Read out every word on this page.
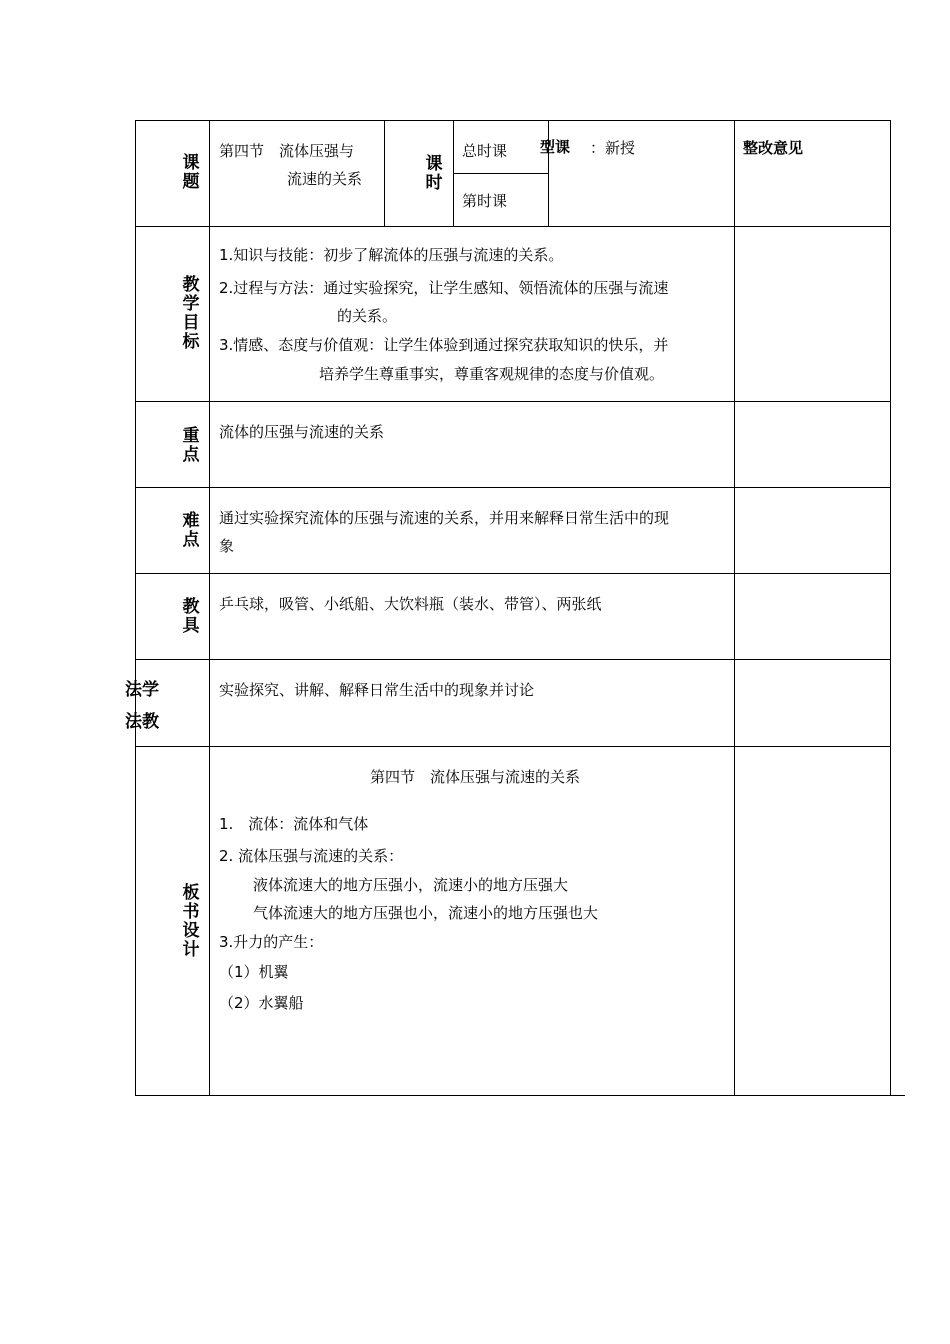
课
题
第四节　流体压强与
流速的关系
课
时
总时课
第时课
型课 ：新授	整改意见
教
学
目
标
1.知识与技能：初步了解流体的压强与流速的关系。
2.过程与方法：通过实验探究，让学生感知、领悟流体的压强与流速
的关系。
3.情感、态度与价值观：让学生体验到通过探究获取知识的快乐，并
培养学生尊重事实，尊重客观规律的态度与价值观。
重
点
流体的压强与流速的关系
难
点
通过实验探究流体的压强与流速的关系，并用来解释日常生活中的现
象
教
具
乒乓球，吸管、小纸船、大饮料瓶（装水、带管）、两张纸
法学
法教
实验探究、讲解、解释日常生活中的现象并讨论
板
书
设
计
第四节　流体压强与流速的关系
1.　流体：流体和气体
2. 流体压强与流速的关系：
液体流速大的地方压强小，流速小的地方压强大
气体流速大的地方压强也小，流速小的地方压强也大
3.升力的产生：
（1）机翼
（2）水翼船
